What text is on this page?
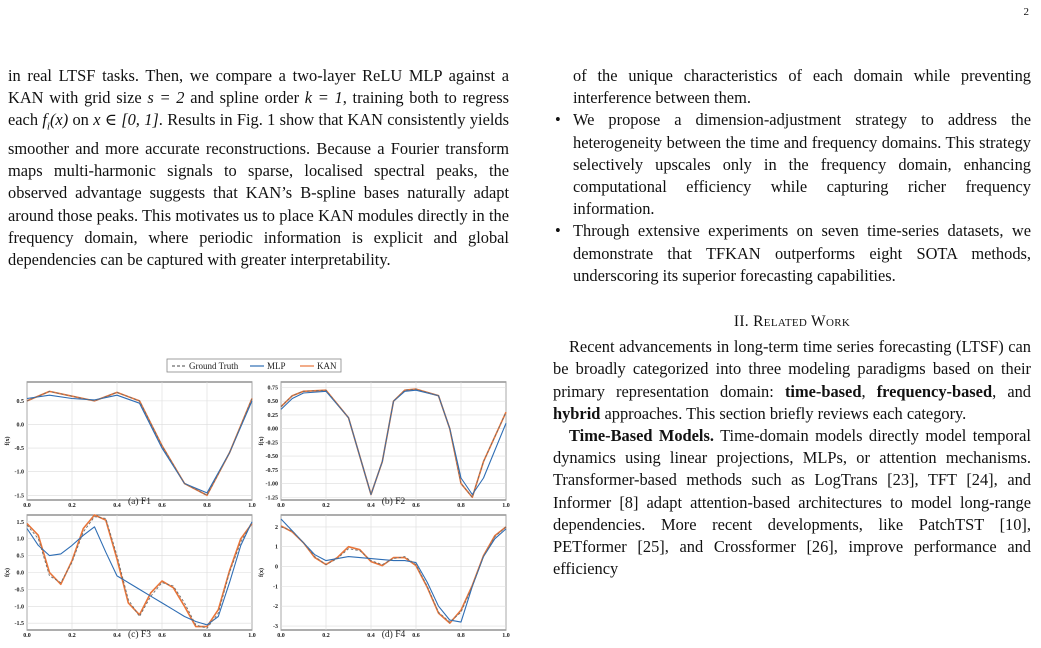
2

in real LTSF tasks. Then, we compare a two-layer ReLU MLP against a KAN with grid size s = 2 and spline order k = 1, training both to regress each $f_i(x)$ on x ∈ [0, 1]. Results in Fig. 1 show that KAN consistently yields smoother and more accurate reconstructions. Because a Fourier transform maps multi-harmonic signals to sparse, localised spectral peaks, the observed advantage suggests that KAN’s B-spline bases naturally adapt around those peaks. This motivates us to place KAN modules directly in the frequency domain, where periodic information is explicit and global dependencies can be captured with greater interpretability.

of the unique characteristics of each domain while preventing interference between them.

• We propose a dimension-adjustment strategy to address the heterogeneity between the time and frequency domains. This strategy selectively upscales only in the frequency domain, enhancing computational efficiency while capturing richer frequency information.
• Through extensive experiments on seven time-series datasets, we demonstrate that TFKAN outperforms eight SOTA methods, underscoring its superior forecasting capabilities.
II. Related Work

Recent advancements in long-term time series forecasting (LTSF) can be broadly categorized into three modeling paradigms based on their primary representation domain: time-based, frequency-based, and hybrid approaches. This section briefly reviews each category.

Time-Based Models. Time-domain models directly model temporal dynamics using linear projections, MLPs, or attention mechanisms. Transformer-based methods such as LogTrans [23], TFT [24], and Informer [8] adapt attention-based architectures to model long-range dependencies. More recent developments, like PatchTST [10], PETformer [25], and Crossformer [26], improve performance and efficiency

Ground Truth	MLP	KAN
0.0	0.2	0.4	0.6	0.8	1.0
0.5
0.0
-0.5
-1.0
-1.5
f(x)
(a) F1	0.0	0.2	0.4	0.6	0.8	1.0
0.75
0.50
0.25
0.00
-0.25
-0.50
-0.75
-1.00
-1.25
f(x)
(b) F2
0.0	0.2	0.4	0.6	0.8	1.0
1.5
1.0
0.5
0.0
-0.5
-1.0
-1.5
f(x)
(c) F3	0.0	0.2	0.4	0.6	0.8	1.0
2
1
0
-1
-2
-3
f(x)
(d) F4
